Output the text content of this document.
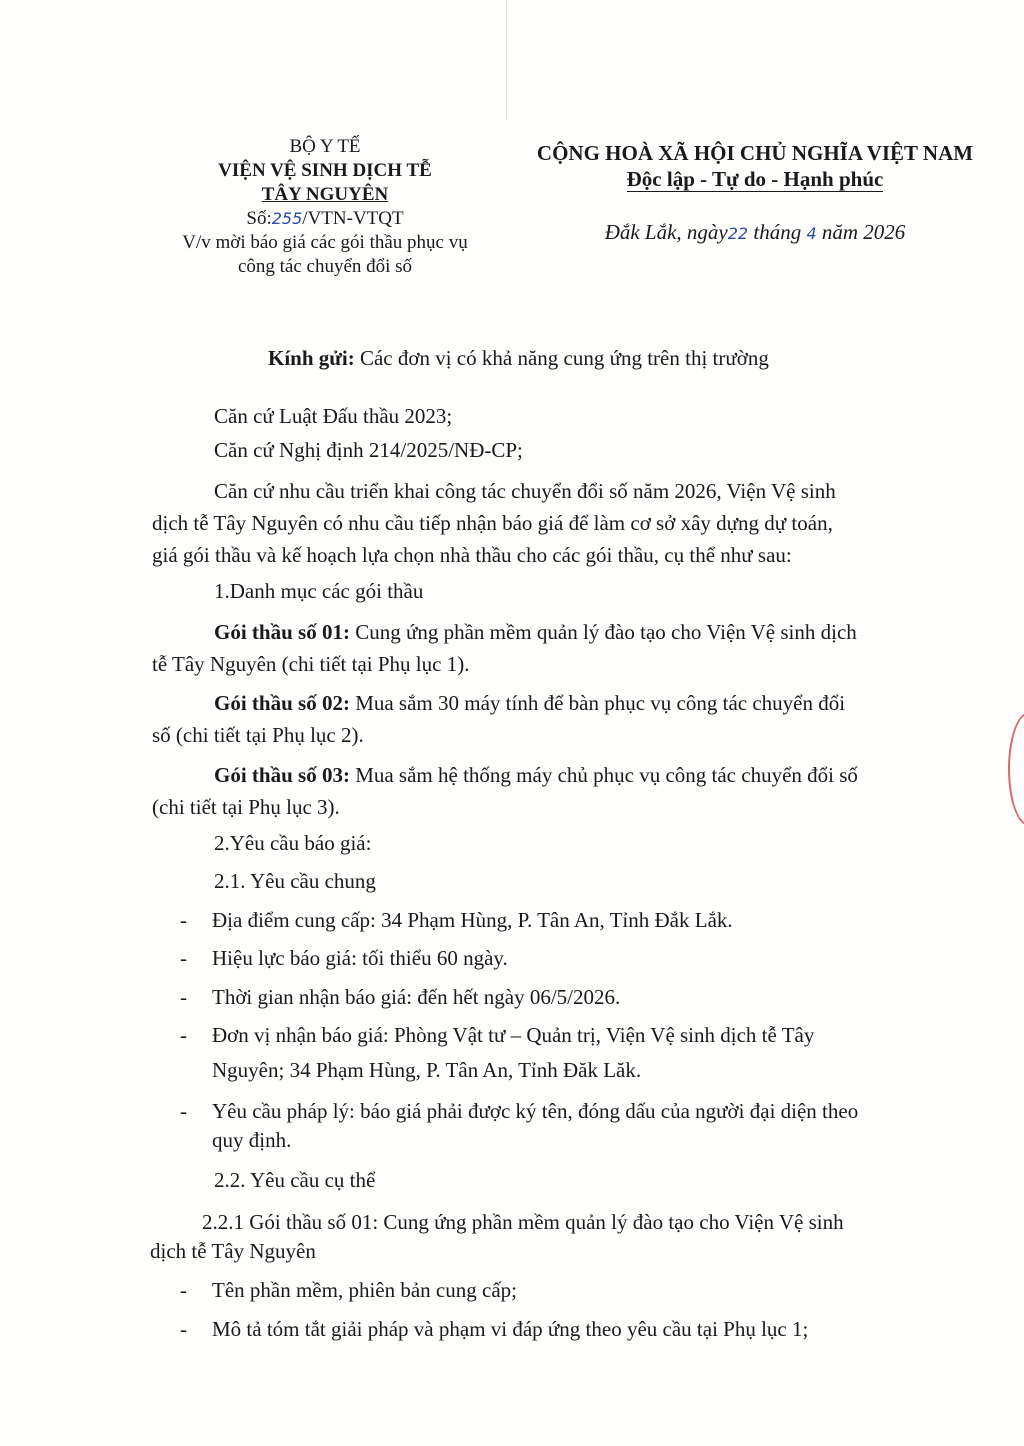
BỘ Y TẾ
VIỆN VỆ SINH DỊCH TỄ
TÂY NGUYÊN
Số:255/VTN-VTQT
V/v mời báo giá các gói thầu phục vụ
công tác chuyển đổi số
CỘNG HOÀ XÃ HỘI CHỦ NGHĨA VIỆT NAM
Độc lập - Tự do - Hạnh phúc
Đắk Lắk, ngày22 tháng 4 năm 2026
Kính gửi: Các đơn vị có khả năng cung ứng trên thị trường
Căn cứ Luật Đấu thầu 2023;
Căn cứ Nghị định 214/2025/NĐ-CP;
Căn cứ nhu cầu triển khai công tác chuyển đổi số năm 2026, Viện Vệ sinh
dịch tễ Tây Nguyên có nhu cầu tiếp nhận báo giá để làm cơ sở xây dựng dự toán,
giá gói thầu và kế hoạch lựa chọn nhà thầu cho các gói thầu, cụ thể như sau:
1.Danh mục các gói thầu
Gói thầu số 01: Cung ứng phần mềm quản lý đào tạo cho Viện Vệ sinh dịch
tễ Tây Nguyên (chi tiết tại Phụ lục 1).
Gói thầu số 02: Mua sắm 30 máy tính để bàn phục vụ công tác chuyển đổi
số (chi tiết tại Phụ lục 2).
Gói thầu số 03: Mua sắm hệ thống máy chủ phục vụ công tác chuyển đổi số
(chi tiết tại Phụ lục 3).
2.Yêu cầu báo giá:
2.1. Yêu cầu chung
- Địa điểm cung cấp: 34 Phạm Hùng, P. Tân An, Tỉnh Đắk Lắk.
- Hiệu lực báo giá: tối thiểu 60 ngày.
- Thời gian nhận báo giá: đến hết ngày 06/5/2026.
- Đơn vị nhận báo giá: Phòng Vật tư – Quản trị, Viện Vệ sinh dịch tễ Tây
Nguyên; 34 Phạm Hùng, P. Tân An, Tỉnh Đăk Lăk.
- Yêu cầu pháp lý: báo giá phải được ký tên, đóng dấu của người đại diện theo
quy định.
2.2. Yêu cầu cụ thể
2.2.1 Gói thầu số 01: Cung ứng phần mềm quản lý đào tạo cho Viện Vệ sinh
dịch tễ Tây Nguyên
- Tên phần mềm, phiên bản cung cấp;
- Mô tả tóm tắt giải pháp và phạm vi đáp ứng theo yêu cầu tại Phụ lục 1;
